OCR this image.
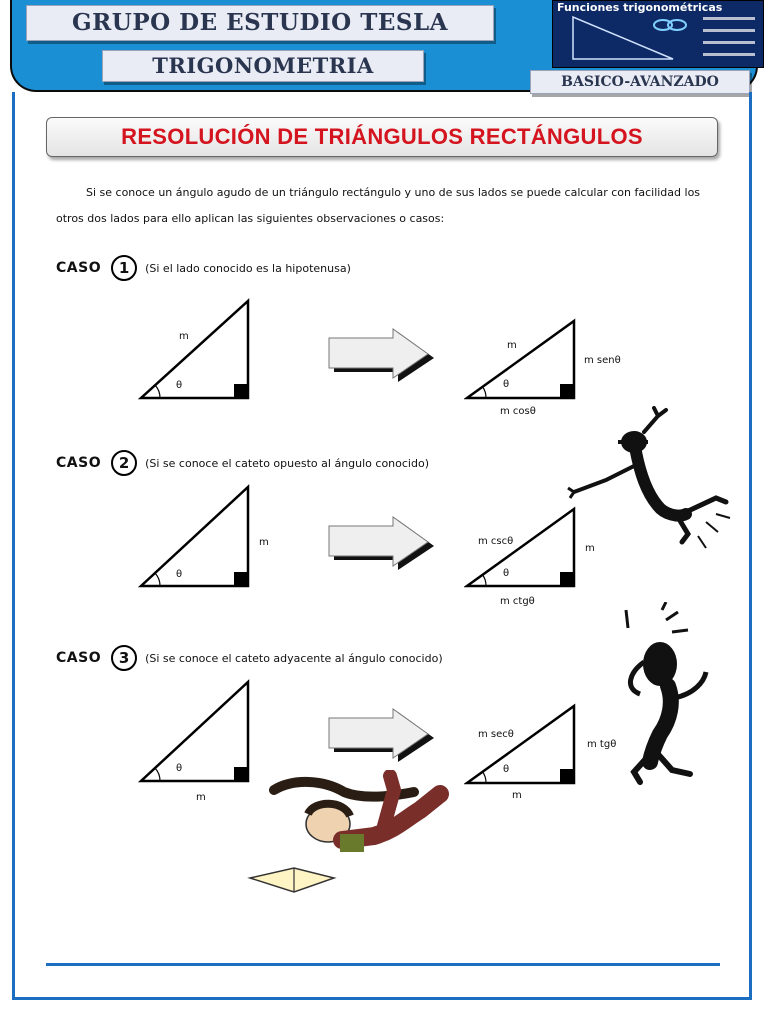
GRUPO DE ESTUDIO TESLA
TRIGONOMETRIA
Funciones trigonométricas
BASICO-AVANZADO
RESOLUCIÓN DE TRIÁNGULOS RECTÁNGULOS
Si se conoce un ángulo agudo de un triángulo rectángulo y uno de sus lados se puede calcular con facilidad los otros dos lados para ello aplican las siguientes observaciones o casos:
CASO	1	(Si el lado conocido es la hipotenusa)
m
θ
m
m senθ
θ
m cosθ
CASO	2	(Si se conoce el cateto opuesto al ángulo conocido)
m
θ
m cscθ
m
θ
m ctgθ
CASO	3	(Si se conoce el cateto adyacente al ángulo conocido)
θ
m
m secθ
m tgθ
θ
m
